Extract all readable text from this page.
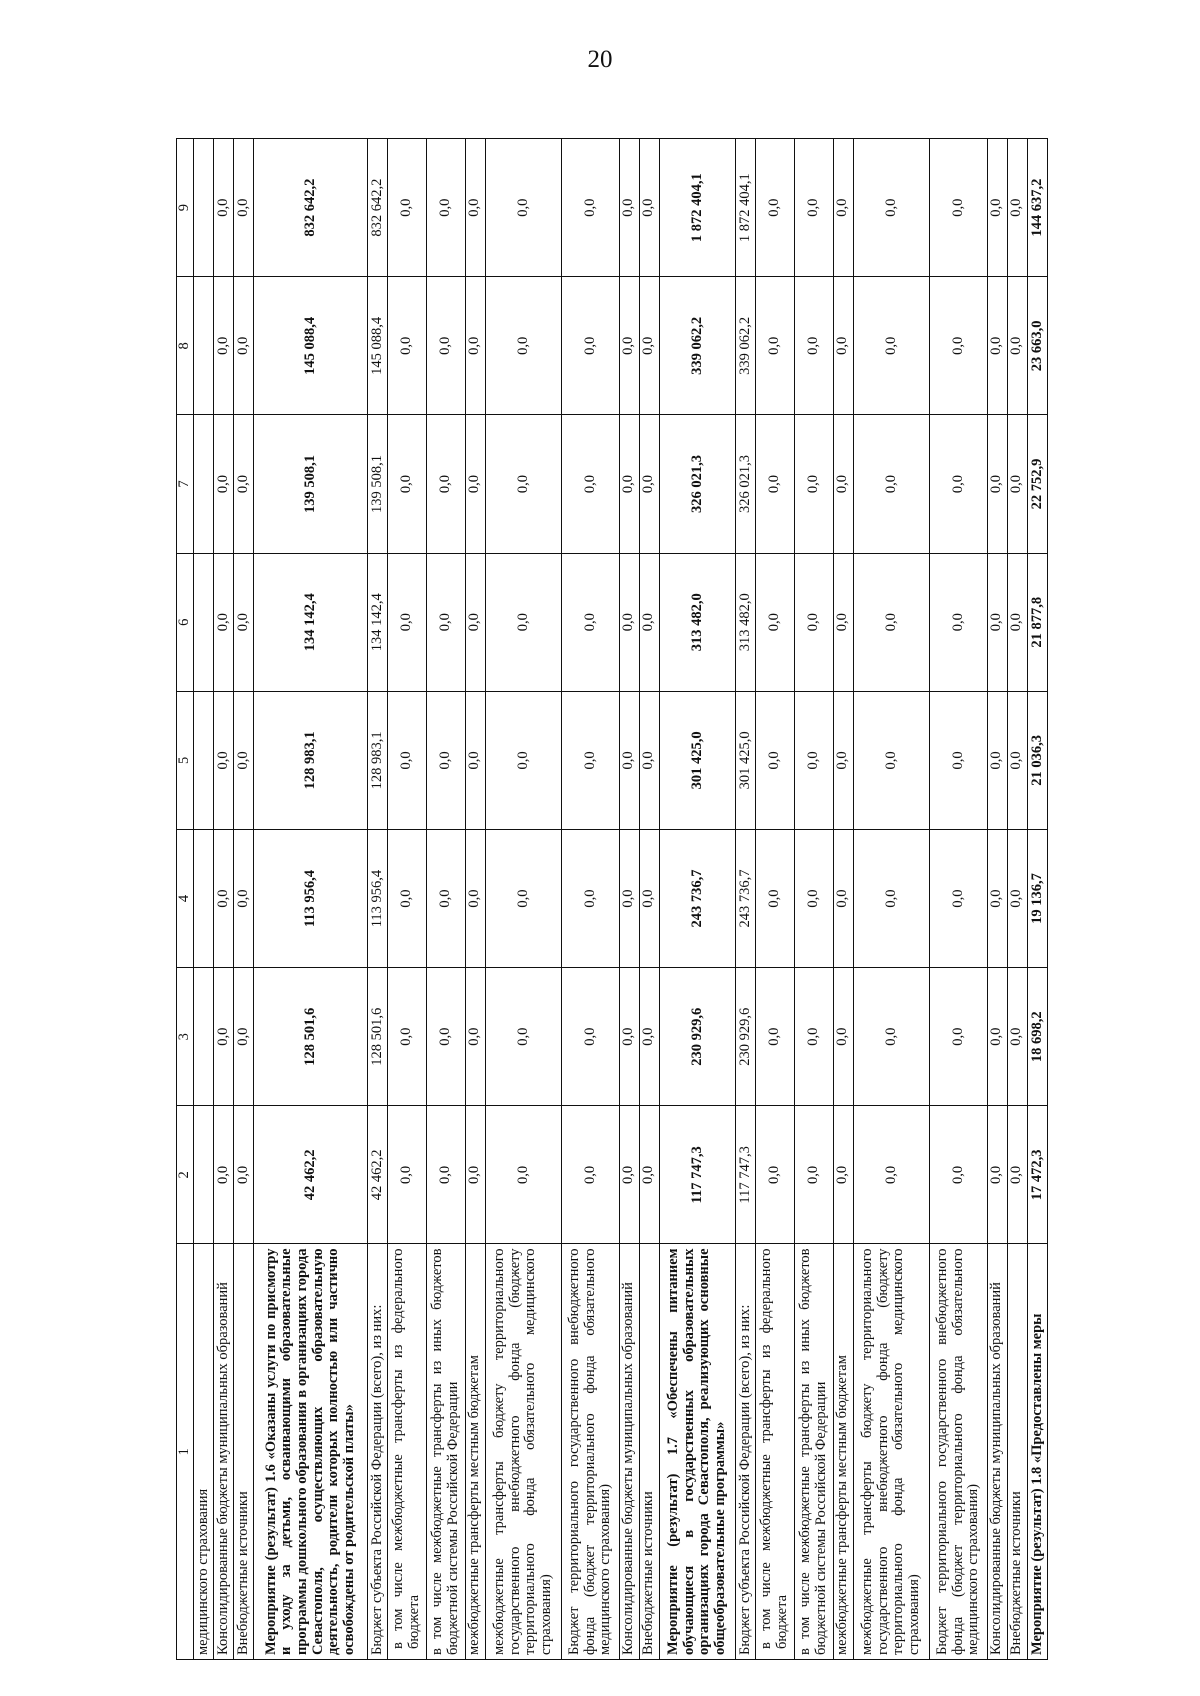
20
1	2	3	4	5	6	7	8	9
медицинского страхования								
Консолидированные бюджеты муниципальных образований	0,0	0,0	0,0	0,0	0,0	0,0	0,0	0,0
Внебюджетные источники	0,0	0,0	0,0	0,0	0,0	0,0	0,0	0,0
Мероприятие (результат) 1.6 «Оказаны услуги по присмотру и уходу за детьми, осваивающими образовательные программы дошкольного образования в организациях города Севастополя, осуществляющих образовательную деятельность, родители которых полностью или частично освобождены от родительской платы»	42 462,2	128 501,6	113 956,4	128 983,1	134 142,4	139 508,1	145 088,4	832 642,2
Бюджет субъекта Российской Федерации (всего), из них:	42 462,2	128 501,6	113 956,4	128 983,1	134 142,4	139 508,1	145 088,4	832 642,2
в том числе межбюджетные трансферты из федерального бюджета	0,0	0,0	0,0	0,0	0,0	0,0	0,0	0,0
в том числе межбюджетные трансферты из иных бюджетов бюджетной системы Российской Федерации	0,0	0,0	0,0	0,0	0,0	0,0	0,0	0,0
межбюджетные трансферты местным бюджетам	0,0	0,0	0,0	0,0	0,0	0,0	0,0	0,0
межбюджетные трансферты бюджету территориального государственного внебюджетного фонда (бюджету территориального фонда обязательного медицинского страхования)	0,0	0,0	0,0	0,0	0,0	0,0	0,0	0,0
Бюджет территориального государственного внебюджетного фонда (бюджет территориального фонда обязательного медицинского страхования)	0,0	0,0	0,0	0,0	0,0	0,0	0,0	0,0
Консолидированные бюджеты муниципальных образований	0,0	0,0	0,0	0,0	0,0	0,0	0,0	0,0
Внебюджетные источники	0,0	0,0	0,0	0,0	0,0	0,0	0,0	0,0
Мероприятие (результат) 1.7 «Обеспечены питанием обучающиеся в государственных образовательных организациях города Севастополя, реализующих основные общеобразовательные программы»	117 747,3	230 929,6	243 736,7	301 425,0	313 482,0	326 021,3	339 062,2	1 872 404,1
Бюджет субъекта Российской Федерации (всего), из них:	117 747,3	230 929,6	243 736,7	301 425,0	313 482,0	326 021,3	339 062,2	1 872 404,1
в том числе межбюджетные трансферты из федерального бюджета	0,0	0,0	0,0	0,0	0,0	0,0	0,0	0,0
в том числе межбюджетные трансферты из иных бюджетов бюджетной системы Российской Федерации	0,0	0,0	0,0	0,0	0,0	0,0	0,0	0,0
межбюджетные трансферты местным бюджетам	0,0	0,0	0,0	0,0	0,0	0,0	0,0	0,0
межбюджетные трансферты бюджету территориального государственного внебюджетного фонда (бюджету территориального фонда обязательного медицинского страхования)	0,0	0,0	0,0	0,0	0,0	0,0	0,0	0,0
Бюджет территориального государственного внебюджетного фонда (бюджет территориального фонда обязательного медицинского страхования)	0,0	0,0	0,0	0,0	0,0	0,0	0,0	0,0
Консолидированные бюджеты муниципальных образований	0,0	0,0	0,0	0,0	0,0	0,0	0,0	0,0
Внебюджетные источники	0,0	0,0	0,0	0,0	0,0	0,0	0,0	0,0
Мероприятие (результат) 1.8 «Предоставлены меры	17 472,3	18 698,2	19 136,7	21 036,3	21 877,8	22 752,9	23 663,0	144 637,2
